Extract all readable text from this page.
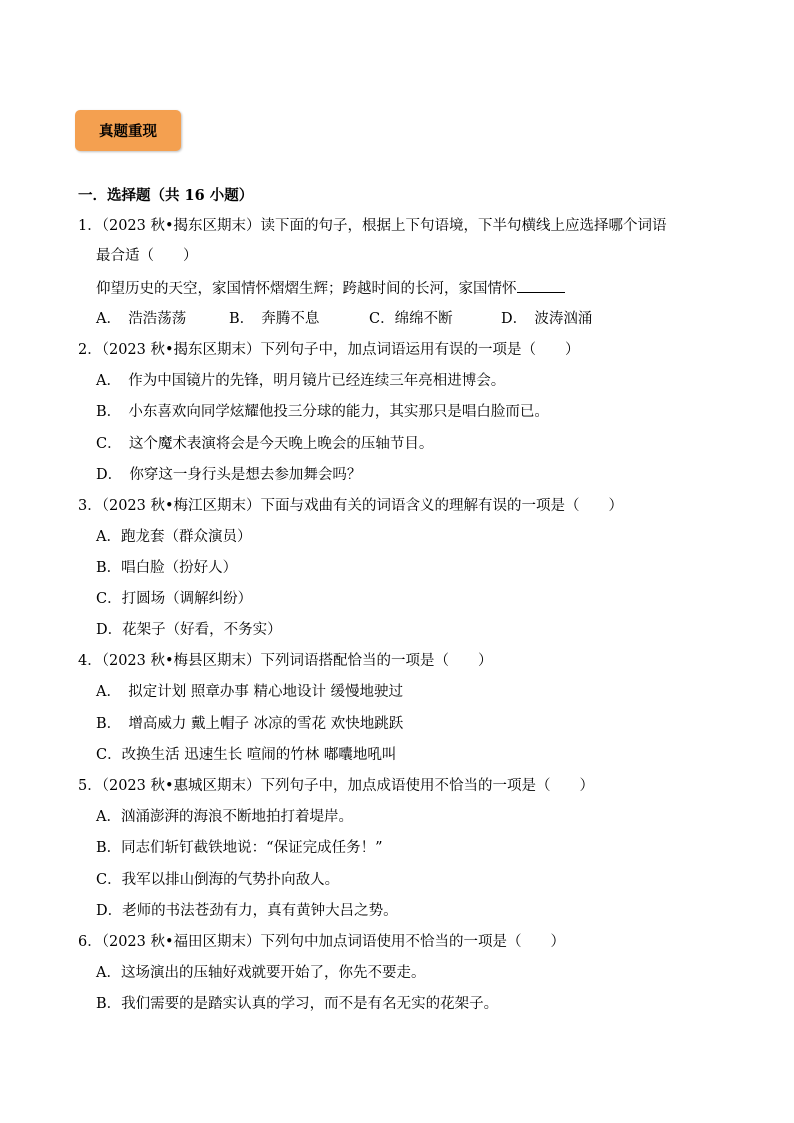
真题重现
一．选择题（共 16 小题）
1．（2023 秋•揭东区期末）读下面的句子，根据上下句语境，下半句横线上应选择哪个词语
最合适（　　）
仰望历史的天空，家国情怀熠熠生辉；跨越时间的长河，家国情怀
A．　浩浩荡荡	B．　奔腾不息	C．绵绵不断	D．　波涛汹涌
2．（2023 秋•揭东区期末）下列句子中，加点词语运用有误的一项是（　　）
A．　作为中国镜片的先锋，明月镜片已经连续三年亮相进博会。
B．　小东喜欢向同学炫耀他投三分球的能力，其实那只是唱白脸而已。
C．　这个魔术表演将会是今天晚上晚会的压轴节目。
D．　你穿这一身行头是想去参加舞会吗？
3．（2023 秋•梅江区期末）下面与戏曲有关的词语含义的理解有误的一项是（　　）
A．跑龙套（群众演员）
B．唱白脸（扮好人）
C．打圆场（调解纠纷）
D．花架子（好看，不务实）
4．（2023 秋•梅县区期末）下列词语搭配恰当的一项是（　　）
A．　拟定计划 照章办事 精心地设计 缓慢地驶过
B．　增高威力 戴上帽子 冰凉的雪花 欢快地跳跃
C．改换生活 迅速生长 喧闹的竹林 嘟囔地吼叫
5．（2023 秋•惠城区期末）下列句子中，加点成语使用不恰当的一项是（　　）
A．汹涌澎湃的海浪不断地拍打着堤岸。
B．同志们斩钉截铁地说：“保证完成任务！”
C．我军以排山倒海的气势扑向敌人。
D．老师的书法苍劲有力，真有黄钟大吕之势。
6．（2023 秋•福田区期末）下列句中加点词语使用不恰当的一项是（　　）
A．这场演出的压轴好戏就要开始了，你先不要走。
B．我们需要的是踏实认真的学习，而不是有名无实的花架子。
